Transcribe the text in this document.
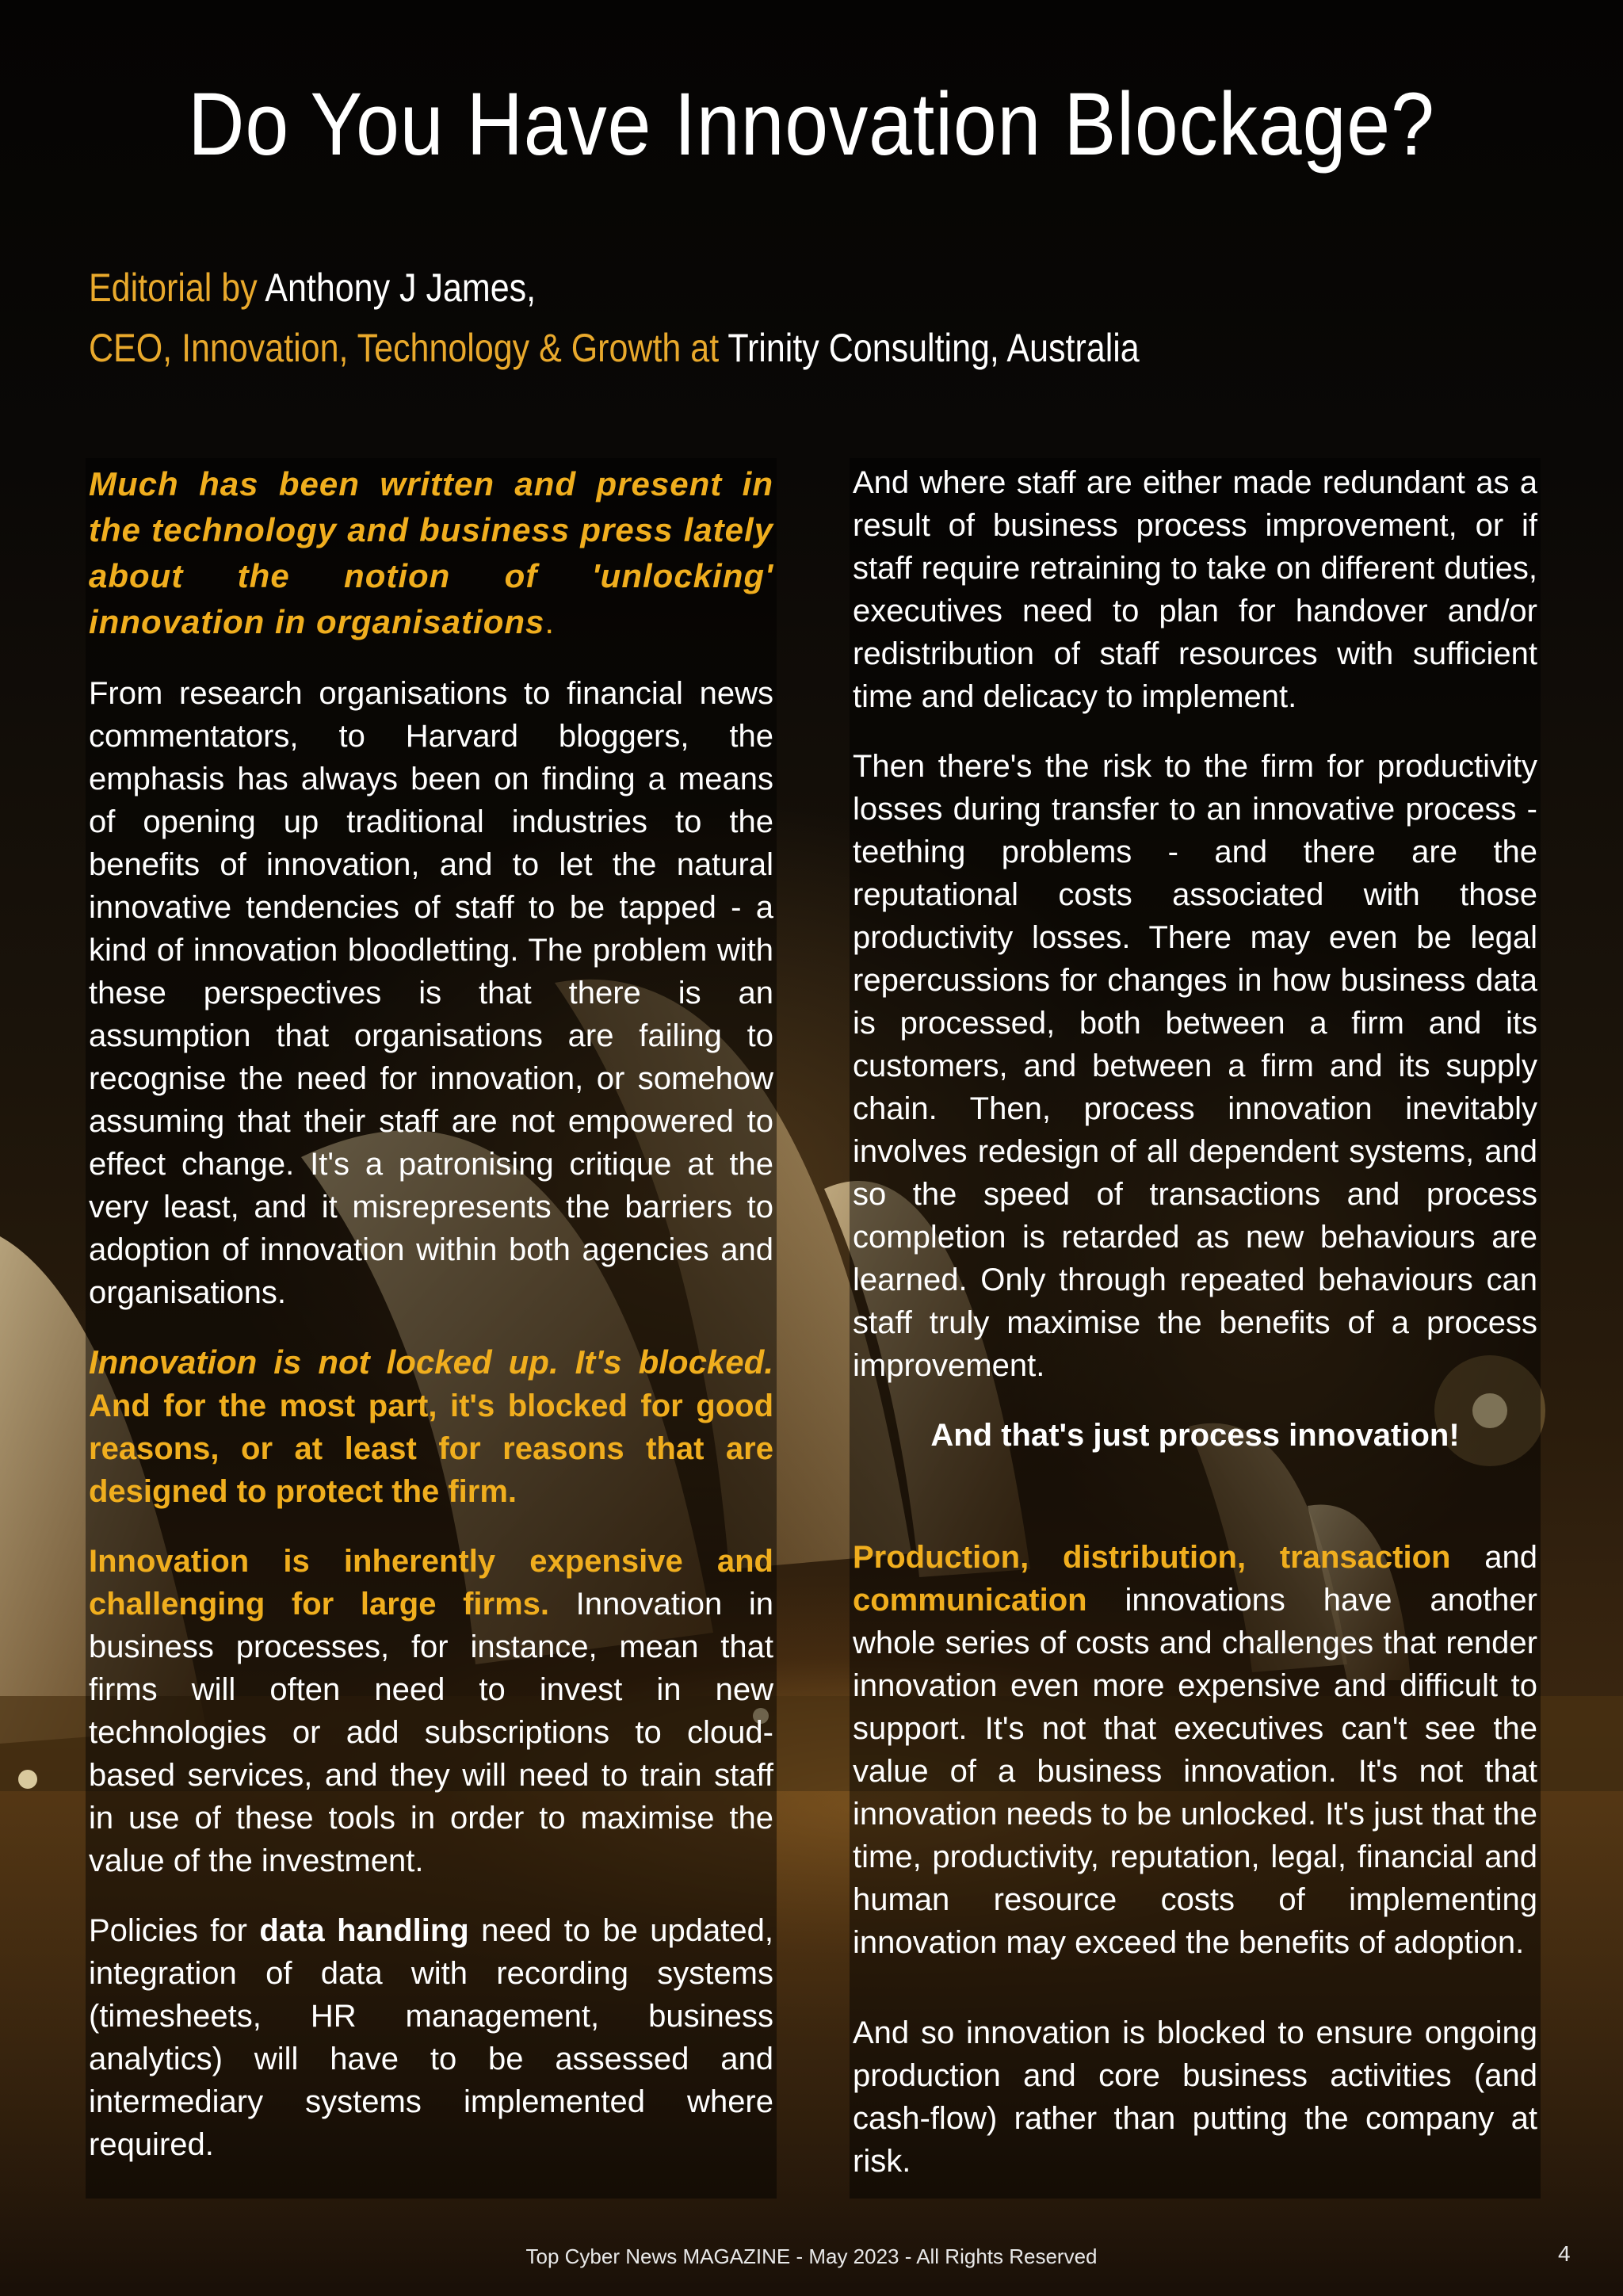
Do You Have Innovation Blockage?
Editorial by Anthony J James,
CEO, Innovation, Technology & Growth at Trinity Consulting, Australia

Much has been written and present in the technology and business press lately about the notion of 'unlocking' innovation in organisations.

From research organisations to financial news commentators, to Harvard bloggers, the emphasis has always been on finding a means of opening up traditional industries to the benefits of innovation, and to let the natural innovative tendencies of staff to be tapped - a kind of innovation bloodletting. The problem with these perspectives is that there is an assumption that organisations are failing to recognise the need for innovation, or somehow assuming that their staff are not empowered to effect change. It's a patronising critique at the very least, and it misrepresents the barriers to adoption of innovation within both agencies and organisations.

Innovation is not locked up. It's blocked. And for the most part, it's blocked for good reasons, or at least for reasons that are designed to protect the firm.

Innovation is inherently expensive and challenging for large firms. Innovation in business processes, for instance, mean that firms will often need to invest in new technologies or add subscriptions to cloud-based services, and they will need to train staff in use of these tools in order to maximise the value of the investment.

Policies for data handling need to be updated, integration of data with recording systems (timesheets, HR management, business analytics) will have to be assessed and intermediary systems implemented where required.

And where staff are either made redundant as a result of business process improvement, or if staff require retraining to take on different duties, executives need to plan for handover and/or redistribution of staff resources with sufficient time and delicacy to implement.

Then there's the risk to the firm for productivity losses during transfer to an innovative process - teething problems - and there are the reputational costs associated with those productivity losses. There may even be legal repercussions for changes in how business data is processed, both between a firm and its customers, and between a firm and its supply chain. Then, process innovation inevitably involves redesign of all dependent systems, and so the speed of transactions and process completion is retarded as new behaviours are learned. Only through repeated behaviours can staff truly maximise the benefits of a process improvement.

And that's just process innovation!

Production, distribution, transaction and communication innovations have another whole series of costs and challenges that render innovation even more expensive and difficult to support. It's not that executives can't see the value of a business innovation. It's not that innovation needs to be unlocked. It's just that the time, productivity, reputation, legal, financial and human resource costs of implementing innovation may exceed the benefits of adoption.

And so innovation is blocked to ensure ongoing production and core business activities (and cash-flow) rather than putting the company at risk.

Top Cyber News MAGAZINE - May 2023 - All Rights Reserved	4
